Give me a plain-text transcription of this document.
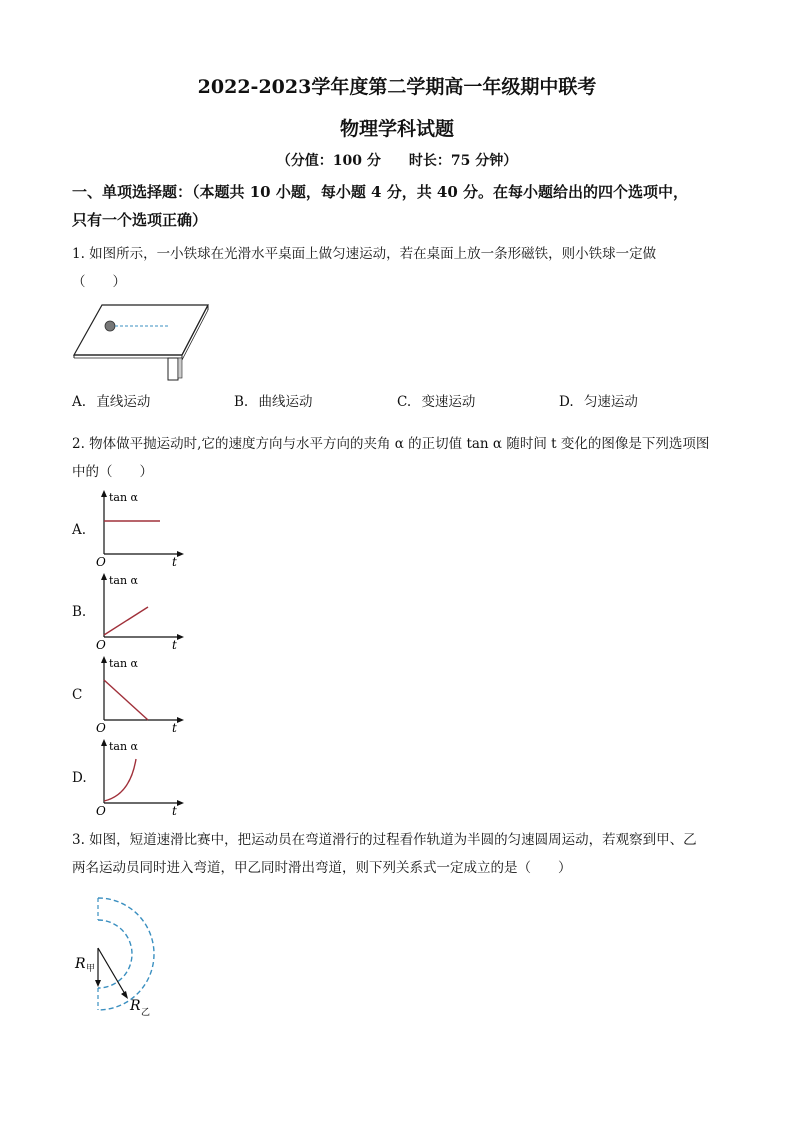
2022-2023学年度第二学期高一年级期中联考
物理学科试题
（分值：100 分　　时长：75 分钟）
一、单项选择题：（本题共 10 小题，每小题 4 分，共 40 分。在每小题给出的四个选项中，
只有一个选项正确）
1. 如图所示，一小铁球在光滑水平桌面上做匀速运动，若在桌面上放一条形磁铁，则小铁球一定做
（　　）
A. 直线运动	B. 曲线运动	C. 变速运动	D. 匀速运动
2. 物体做平抛运动时,它的速度方向与水平方向的夹角 α 的正切值 tan α 随时间 t 变化的图像是下列选项图
中的（　　）
A.
tan α
O	t
B.
tan α
O	t
C
tan α
O	t
D.
tan α
O	t
3. 如图，短道速滑比赛中，把运动员在弯道滑行的过程看作轨道为半圆的匀速圆周运动，若观察到甲、乙
两名运动员同时进入弯道，甲乙同时滑出弯道，则下列关系式一定成立的是（　　）
R 甲
R 乙
